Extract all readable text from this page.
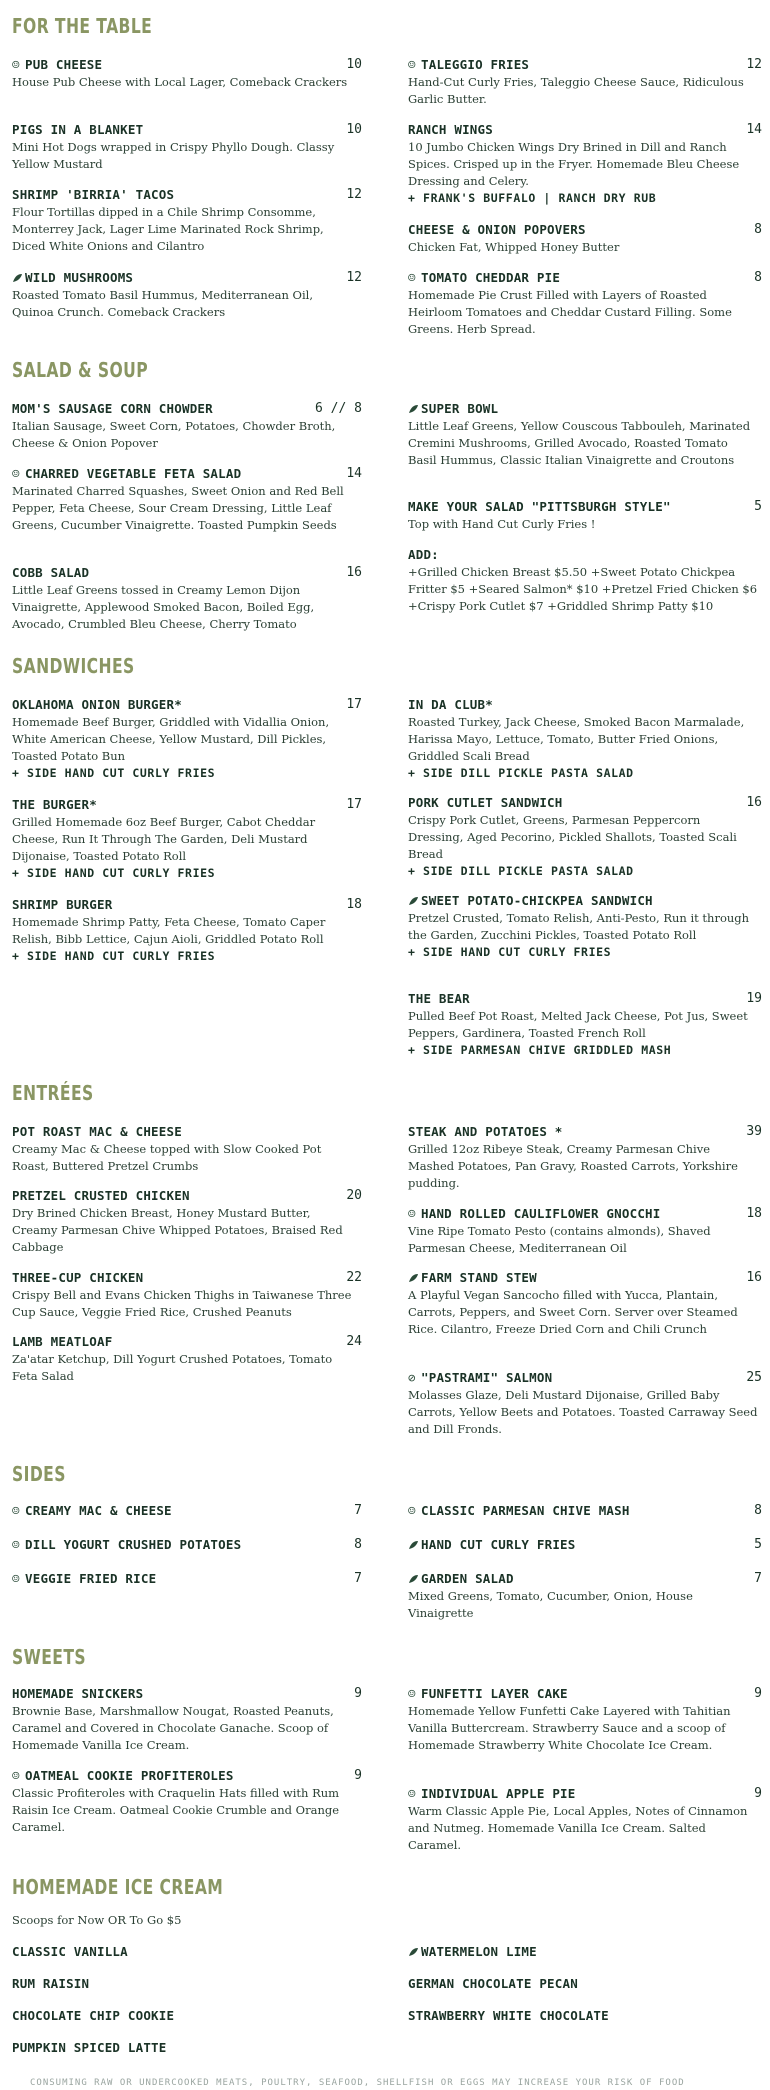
FOR THE TABLE
☺ PUB CHEESE	10
House Pub Cheese with Local Lager, Comeback Crackers
☺ TALEGGIO FRIES	12
Hand-Cut Curly Fries, Taleggio Cheese Sauce, Ridiculous Garlic Butter.
PIGS IN A BLANKET	10
Mini Hot Dogs wrapped in Crispy Phyllo Dough. Classy Yellow Mustard
RANCH WINGS	14
10 Jumbo Chicken Wings Dry Brined in Dill and Ranch Spices. Crisped up in the Fryer. Homemade Bleu Cheese Dressing and Celery.
+ FRANK'S BUFFALO | RANCH DRY RUB
SHRIMP 'BIRRIA' TACOS	12
Flour Tortillas dipped in a Chile Shrimp Consomme, Monterrey Jack, Lager Lime Marinated Rock Shrimp, Diced White Onions and Cilantro
CHEESE & ONION POPOVERS	8
Chicken Fat, Whipped Honey Butter
WILD MUSHROOMS	12
Roasted Tomato Basil Hummus, Mediterranean Oil, Quinoa Crunch. Comeback Crackers
☺ TOMATO CHEDDAR PIE	8
Homemade Pie Crust Filled with Layers of Roasted Heirloom Tomatoes and Cheddar Custard Filling. Some Greens. Herb Spread.
SALAD & SOUP
MOM'S SAUSAGE CORN CHOWDER	6 // 8
Italian Sausage, Sweet Corn, Potatoes, Chowder Broth, Cheese & Onion Popover
SUPER BOWL
Little Leaf Greens, Yellow Couscous Tabbouleh, Marinated Cremini Mushrooms, Grilled Avocado, Roasted Tomato Basil Hummus, Classic Italian Vinaigrette and Croutons
☺ CHARRED VEGETABLE FETA SALAD	14
Marinated Charred Squashes, Sweet Onion and Red Bell Pepper, Feta Cheese, Sour Cream Dressing, Little Leaf Greens, Cucumber Vinaigrette. Toasted Pumpkin Seeds
MAKE YOUR SALAD "PITTSBURGH STYLE"	5
Top with Hand Cut Curly Fries !
COBB SALAD	16
Little Leaf Greens tossed in Creamy Lemon Dijon Vinaigrette, Applewood Smoked Bacon, Boiled Egg, Avocado, Crumbled Bleu Cheese, Cherry Tomato
ADD:
+Grilled Chicken Breast $5.50 +Sweet Potato Chickpea Fritter $5 +Seared Salmon* $10 +Pretzel Fried Chicken $6 +Crispy Pork Cutlet $7 +Griddled Shrimp Patty $10
SANDWICHES
OKLAHOMA ONION BURGER*	17
Homemade Beef Burger, Griddled with Vidallia Onion, White American Cheese, Yellow Mustard, Dill Pickles, Toasted Potato Bun
+ SIDE HAND CUT CURLY FRIES
IN DA CLUB*
Roasted Turkey, Jack Cheese, Smoked Bacon Marmalade, Harissa Mayo, Lettuce, Tomato, Butter Fried Onions, Griddled Scali Bread
+ SIDE DILL PICKLE PASTA SALAD
THE BURGER*	17
Grilled Homemade 6oz Beef Burger, Cabot Cheddar Cheese, Run It Through The Garden, Deli Mustard Dijonaise, Toasted Potato Roll
+ SIDE HAND CUT CURLY FRIES
PORK CUTLET SANDWICH	16
Crispy Pork Cutlet, Greens, Parmesan Peppercorn Dressing, Aged Pecorino, Pickled Shallots, Toasted Scali Bread
+ SIDE DILL PICKLE PASTA SALAD
SHRIMP BURGER	18
Homemade Shrimp Patty, Feta Cheese, Tomato Caper Relish, Bibb Lettice, Cajun Aioli, Griddled Potato Roll
+ SIDE HAND CUT CURLY FRIES
SWEET POTATO-CHICKPEA SANDWICH
Pretzel Crusted, Tomato Relish, Anti-Pesto, Run it through the Garden, Zucchini Pickles, Toasted Potato Roll
+ SIDE HAND CUT CURLY FRIES
THE BEAR	19
Pulled Beef Pot Roast, Melted Jack Cheese, Pot Jus, Sweet Peppers, Gardinera, Toasted French Roll
+ SIDE PARMESAN CHIVE GRIDDLED MASH
ENTRÉES
POT ROAST MAC & CHEESE
Creamy Mac & Cheese topped with Slow Cooked Pot Roast, Buttered Pretzel Crumbs
STEAK AND POTATOES *	39
Grilled 12oz Ribeye Steak, Creamy Parmesan Chive Mashed Potatoes, Pan Gravy, Roasted Carrots, Yorkshire pudding.
PRETZEL CRUSTED CHICKEN	20
Dry Brined Chicken Breast, Honey Mustard Butter, Creamy Parmesan Chive Whipped Potatoes, Braised Red Cabbage
☺ HAND ROLLED CAULIFLOWER GNOCCHI	18
Vine Ripe Tomato Pesto (contains almonds), Shaved Parmesan Cheese, Mediterranean Oil
THREE-CUP CHICKEN	22
Crispy Bell and Evans Chicken Thighs in Taiwanese Three Cup Sauce, Veggie Fried Rice, Crushed Peanuts
FARM STAND STEW	16
A Playful Vegan Sancocho filled with Yucca, Plantain, Carrots, Peppers, and Sweet Corn. Server over Steamed Rice. Cilantro, Freeze Dried Corn and Chili Crunch
LAMB MEATLOAF	24
Za'atar Ketchup, Dill Yogurt Crushed Potatoes, Tomato Feta Salad	⊘ "PASTRAMI" SALMON	25
Molasses Glaze, Deli Mustard Dijonaise, Grilled Baby Carrots, Yellow Beets and Potatoes. Toasted Carraway Seed and Dill Fronds.
SIDES
☺ CREAMY MAC & CHEESE	7	☺ CLASSIC PARMESAN CHIVE MASH	8
☺ DILL YOGURT CRUSHED POTATOES	8	HAND CUT CURLY FRIES	5
☺ VEGGIE FRIED RICE	7	GARDEN SALAD	7
Mixed Greens, Tomato, Cucumber, Onion, House Vinaigrette
SWEETS
HOMEMADE SNICKERS	9
Brownie Base, Marshmallow Nougat, Roasted Peanuts, Caramel and Covered in Chocolate Ganache. Scoop of Homemade Vanilla Ice Cream.
☺ FUNFETTI LAYER CAKE	9
Homemade Yellow Funfetti Cake Layered with Tahitian Vanilla Buttercream. Strawberry Sauce and a scoop of Homemade Strawberry White Chocolate Ice Cream.
☺ OATMEAL COOKIE PROFITEROLES	9
Classic Profiteroles with Craquelin Hats filled with Rum Raisin Ice Cream. Oatmeal Cookie Crumble and Orange Caramel.
☺ INDIVIDUAL APPLE PIE	9
Warm Classic Apple Pie, Local Apples, Notes of Cinnamon and Nutmeg. Homemade Vanilla Ice Cream. Salted Caramel.
HOMEMADE ICE CREAM
Scoops for Now OR To Go $5
CLASSIC VANILLA	WATERMELON LIME
RUM RAISIN	GERMAN CHOCOLATE PECAN
CHOCOLATE CHIP COOKIE	STRAWBERRY WHITE CHOCOLATE
PUMPKIN SPICED LATTE
CONSUMING RAW OR UNDERCOOKED MEATS, POULTRY, SEAFOOD, SHELLFISH OR EGGS MAY INCREASE YOUR RISK OF FOOD
